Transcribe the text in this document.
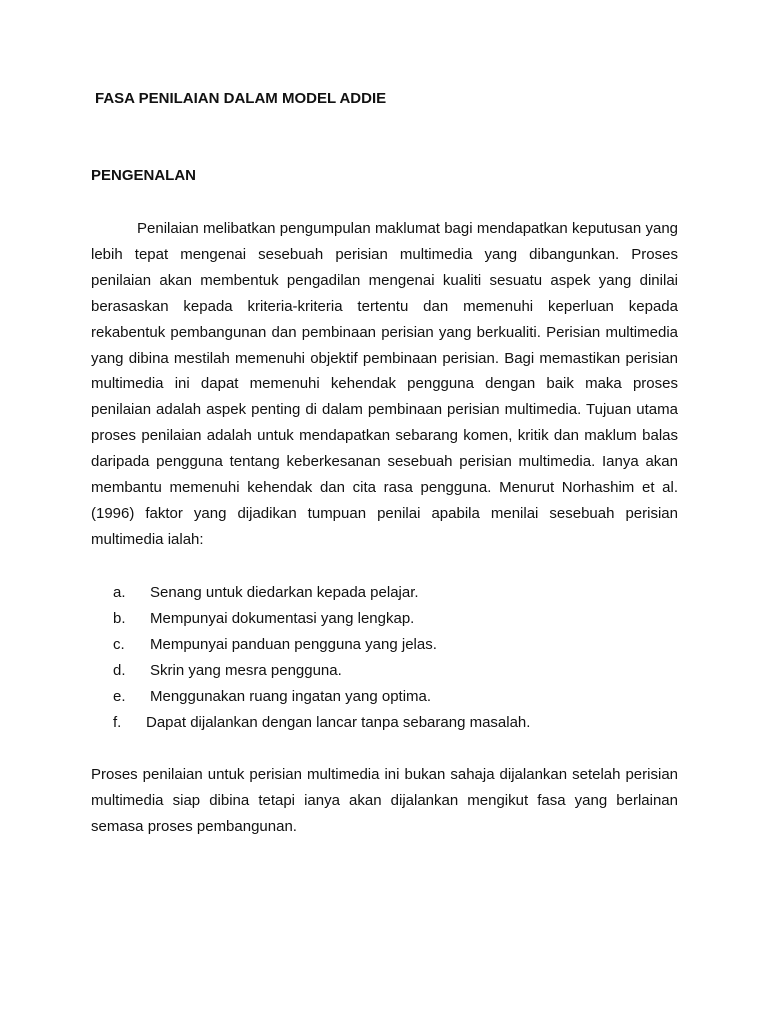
FASA PENILAIAN DALAM MODEL ADDIE
PENGENALAN

Penilaian melibatkan pengumpulan maklumat bagi mendapatkan keputusan yang lebih tepat mengenai sesebuah perisian multimedia yang dibangunkan. Proses penilaian akan membentuk pengadilan mengenai kualiti sesuatu aspek yang dinilai berasaskan kepada kriteria-kriteria tertentu dan memenuhi keperluan kepada rekabentuk pembangunan dan pembinaan perisian yang berkualiti. Perisian multimedia yang dibina mestilah memenuhi objektif pembinaan perisian. Bagi memastikan perisian multimedia ini dapat memenuhi kehendak pengguna dengan baik maka proses penilaian adalah aspek penting di dalam pembinaan perisian multimedia. Tujuan utama proses penilaian adalah untuk mendapatkan sebarang komen, kritik dan maklum balas daripada pengguna tentang keberkesanan sesebuah perisian multimedia. Ianya akan membantu memenuhi kehendak dan cita rasa pengguna. Menurut Norhashim et al. (1996) faktor yang dijadikan tumpuan penilai apabila menilai sesebuah perisian multimedia ialah:

a. Senang untuk diedarkan kepada pelajar.
b. Mempunyai dokumentasi yang lengkap.
c. Mempunyai panduan pengguna yang jelas.
d. Skrin yang mesra pengguna.
e. Menggunakan ruang ingatan yang optima.
f. Dapat dijalankan dengan lancar tanpa sebarang masalah.

Proses penilaian untuk perisian multimedia ini bukan sahaja dijalankan setelah perisian multimedia siap dibina tetapi ianya akan dijalankan mengikut fasa yang berlainan semasa proses pembangunan.
